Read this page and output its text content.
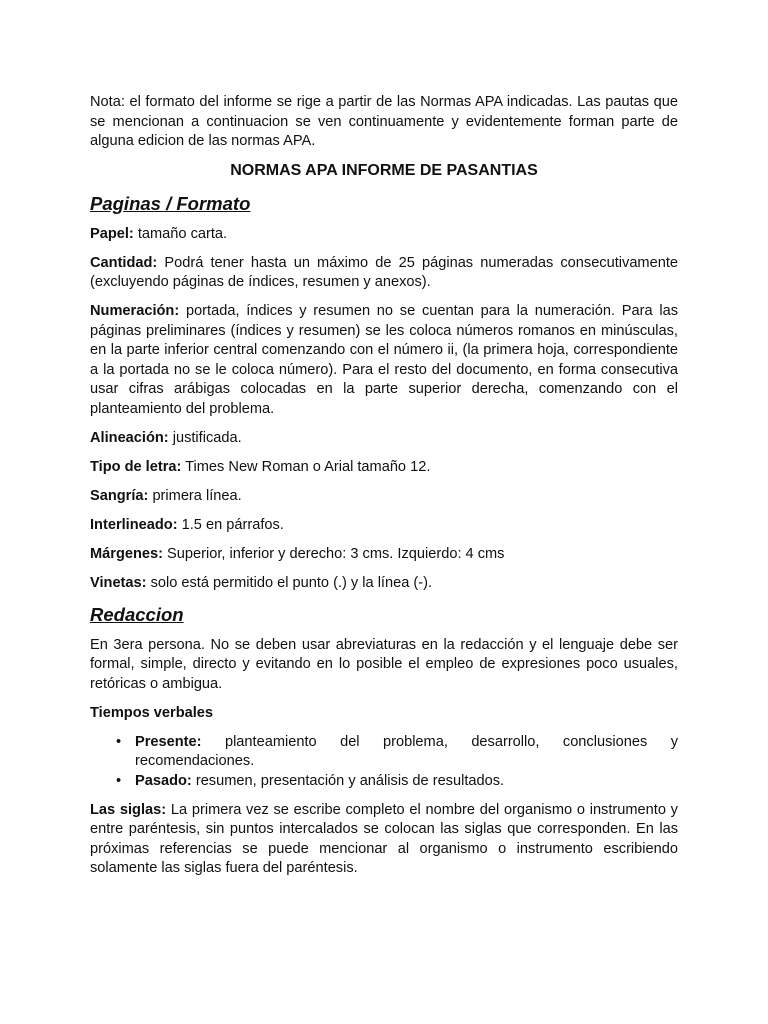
Nota: el formato del informe se rige a partir de las Normas APA indicadas. Las pautas que se mencionan a continuacion se ven continuamente y evidentemente forman parte de alguna edicion de las normas APA.

NORMAS APA INFORME DE PASANTIAS
Paginas / Formato

Papel: tamaño carta.

Cantidad: Podrá tener hasta un máximo de 25 páginas numeradas consecutivamente (excluyendo páginas de índices, resumen y anexos).

Numeración: portada, índices y resumen no se cuentan para la numeración. Para las páginas preliminares (índices y resumen) se les coloca números romanos en minúsculas, en la parte inferior central comenzando con el número ii, (la primera hoja, correspondiente a la portada no se le coloca número). Para el resto del documento, en forma consecutiva usar cifras arábigas colocadas en la parte superior derecha, comenzando con el planteamiento del problema.

Alineación: justificada.

Tipo de letra: Times New Roman o Arial tamaño 12.

Sangría: primera línea.

Interlineado: 1.5 en párrafos.

Márgenes: Superior, inferior y derecho: 3 cms. Izquierdo: 4 cms

Vinetas: solo está permitido el punto (.) y la línea (-).

Redaccion

En 3era persona. No se deben usar abreviaturas en la redacción y el lenguaje debe ser formal, simple, directo y evitando en lo posible el empleo de expresiones poco usuales, retóricas o ambigua.

Tiempos verbales
• Presente: planteamiento del problema, desarrollo, conclusiones y recomendaciones.
• Pasado: resumen, presentación y análisis de resultados.

Las siglas: La primera vez se escribe completo el nombre del organismo o instrumento y entre paréntesis, sin puntos intercalados se colocan las siglas que corresponden. En las próximas referencias se puede mencionar al organismo o instrumento escribiendo solamente las siglas fuera del paréntesis.
